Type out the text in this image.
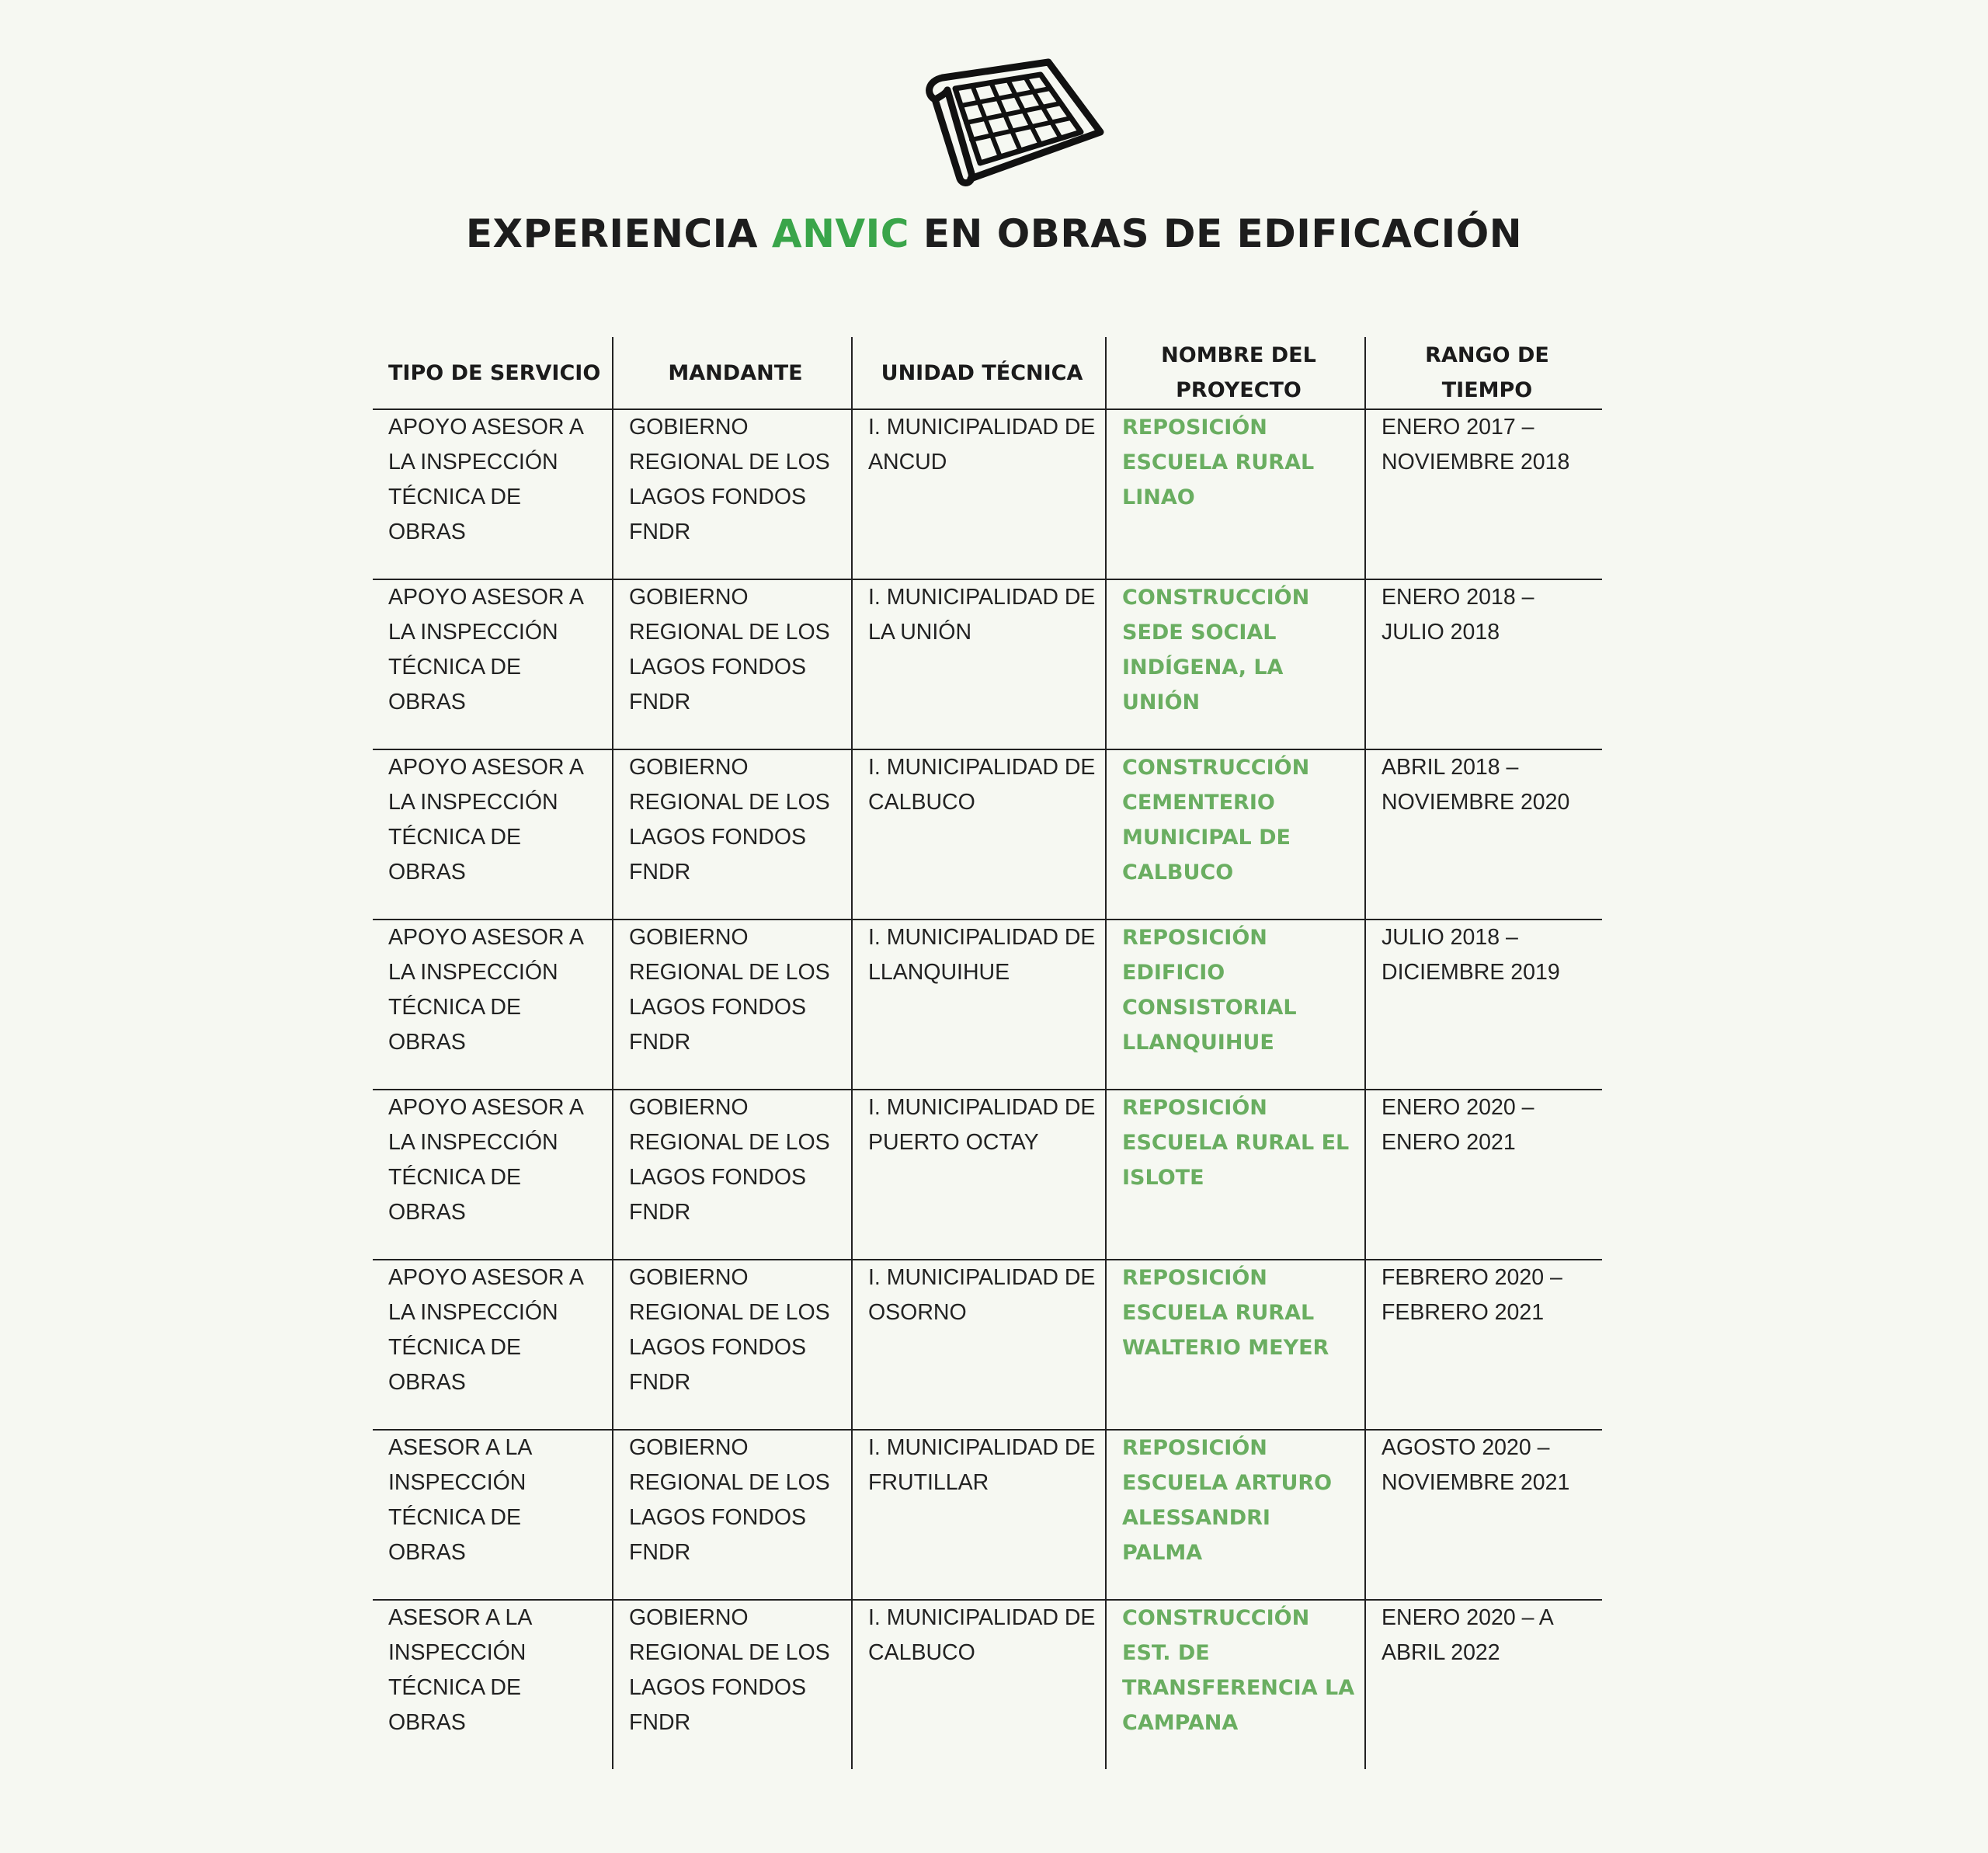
EXPERIENCIA ANVIC EN OBRAS DE EDIFICACIÓN
TIPO DE SERVICIO	MANDANTE	UNIDAD TÉCNICA	NOMBRE DEL PROYECTO	RANGO DE TIEMPO
APOYO ASESOR A LA INSPECCIÓN TÉCNICA DE OBRAS	GOBIERNO REGIONAL DE LOS LAGOS FONDOS FNDR	I. MUNICIPALIDAD DE ANCUD	REPOSICIÓN ESCUELA RURAL LINAO	ENERO 2017 – NOVIEMBRE 2018
APOYO ASESOR A LA INSPECCIÓN TÉCNICA DE OBRAS	GOBIERNO REGIONAL DE LOS LAGOS FONDOS FNDR	I. MUNICIPALIDAD DE LA UNIÓN	CONSTRUCCIÓN SEDE SOCIAL INDÍGENA, LA UNIÓN	ENERO 2018 – JULIO 2018
APOYO ASESOR A LA INSPECCIÓN TÉCNICA DE OBRAS	GOBIERNO REGIONAL DE LOS LAGOS FONDOS FNDR	I. MUNICIPALIDAD DE CALBUCO	CONSTRUCCIÓN CEMENTERIO MUNICIPAL DE CALBUCO	ABRIL 2018 – NOVIEMBRE 2020
APOYO ASESOR A LA INSPECCIÓN TÉCNICA DE OBRAS	GOBIERNO REGIONAL DE LOS LAGOS FONDOS FNDR	I. MUNICIPALIDAD DE LLANQUIHUE	REPOSICIÓN EDIFICIO CONSISTORIAL LLANQUIHUE	JULIO 2018 – DICIEMBRE 2019
APOYO ASESOR A LA INSPECCIÓN TÉCNICA DE OBRAS	GOBIERNO REGIONAL DE LOS LAGOS FONDOS FNDR	I. MUNICIPALIDAD DE PUERTO OCTAY	REPOSICIÓN ESCUELA RURAL EL ISLOTE	ENERO 2020 – ENERO 2021
APOYO ASESOR A LA INSPECCIÓN TÉCNICA DE OBRAS	GOBIERNO REGIONAL DE LOS LAGOS FONDOS FNDR	I. MUNICIPALIDAD DE OSORNO	REPOSICIÓN ESCUELA RURAL WALTERIO MEYER	FEBRERO 2020 – FEBRERO 2021
ASESOR A LA INSPECCIÓN TÉCNICA DE OBRAS	GOBIERNO REGIONAL DE LOS LAGOS FONDOS FNDR	I. MUNICIPALIDAD DE FRUTILLAR	REPOSICIÓN ESCUELA ARTURO ALESSANDRI PALMA	AGOSTO 2020 – NOVIEMBRE 2021
ASESOR A LA INSPECCIÓN TÉCNICA DE OBRAS	GOBIERNO REGIONAL DE LOS LAGOS FONDOS FNDR	I. MUNICIPALIDAD DE CALBUCO	CONSTRUCCIÓN EST. DE TRANSFERENCIA LA CAMPANA	ENERO 2020 – A ABRIL 2022
